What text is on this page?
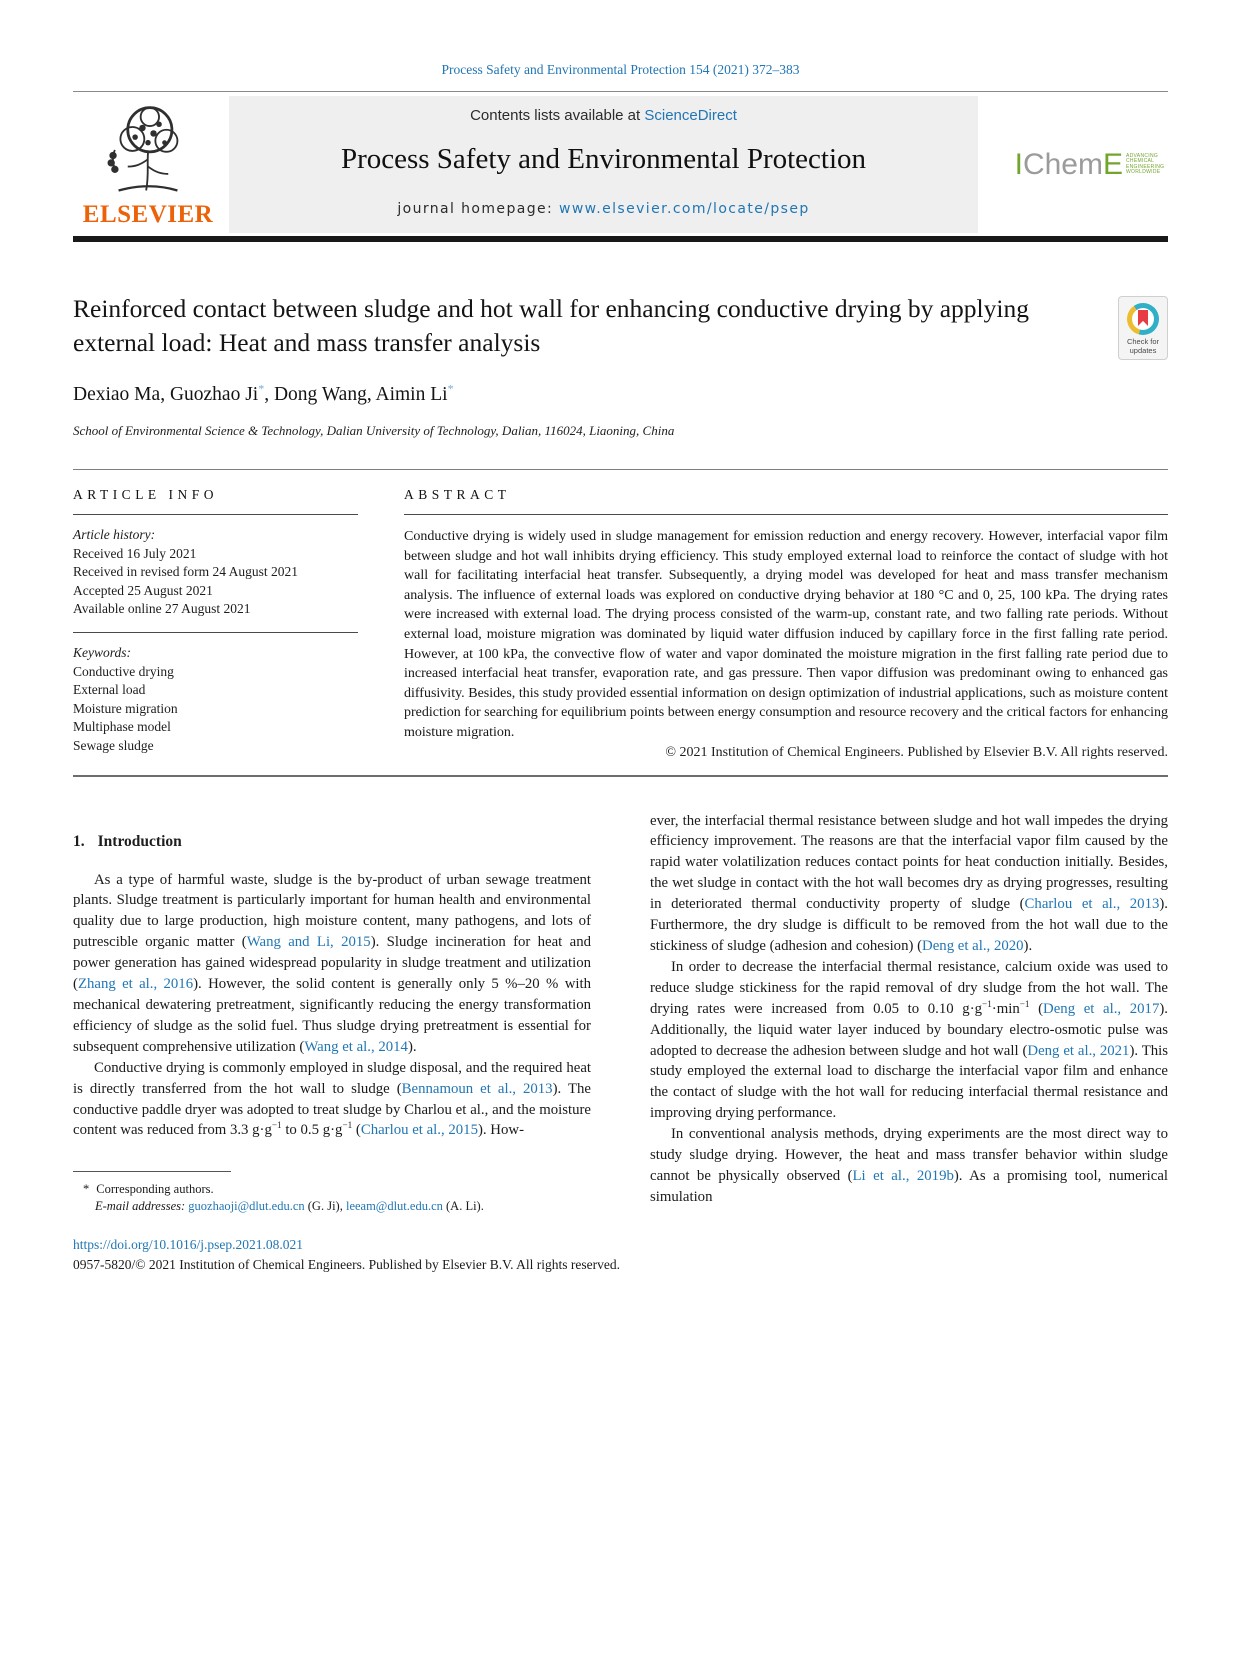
Process Safety and Environmental Protection 154 (2021) 372–383
ELSEVIER
Contents lists available at ScienceDirect
Process Safety and Environmental Protection
journal homepage: www.elsevier.com/locate/psep
IChemE ADVANCING
CHEMICAL
ENGINEERING
WORLDWIDE
Reinforced contact between sludge and hot wall for enhancing conductive drying by applying external load: Heat and mass transfer analysis	Check for
updates
Dexiao Ma, Guozhao Ji*, Dong Wang, Aimin Li*
School of Environmental Science & Technology, Dalian University of Technology, Dalian, 116024, Liaoning, China
ARTICLE INFO
Article history:
Received 16 July 2021
Received in revised form 24 August 2021
Accepted 25 August 2021
Available online 27 August 2021
Keywords:
Conductive drying
External load
Moisture migration
Multiphase model
Sewage sludge
ABSTRACT
Conductive drying is widely used in sludge management for emission reduction and energy recovery. However, interfacial vapor film between sludge and hot wall inhibits drying efficiency. This study employed external load to reinforce the contact of sludge with hot wall for facilitating interfacial heat transfer. Subsequently, a drying model was developed for heat and mass transfer mechanism analysis. The influence of external loads was explored on conductive drying behavior at 180 °C and 0, 25, 100 kPa. The drying rates were increased with external load. The drying process consisted of the warm-up, constant rate, and two falling rate periods. Without external load, moisture migration was dominated by liquid water diffusion induced by capillary force in the first falling rate period. However, at 100 kPa, the convective flow of water and vapor dominated the moisture migration in the first falling rate period due to increased interfacial heat transfer, evaporation rate, and gas pressure. Then vapor diffusion was predominant owing to enhanced gas diffusivity. Besides, this study provided essential information on design optimization of industrial applications, such as moisture content prediction for searching for equilibrium points between energy consumption and resource recovery and the critical factors for enhancing moisture migration.
© 2021 Institution of Chemical Engineers. Published by Elsevier B.V. All rights reserved.
1. Introduction

As a type of harmful waste, sludge is the by-product of urban sewage treatment plants. Sludge treatment is particularly important for human health and environmental quality due to large production, high moisture content, many pathogens, and lots of putrescible organic matter (Wang and Li, 2015). Sludge incineration for heat and power generation has gained widespread popularity in sludge treatment and utilization (Zhang et al., 2016). However, the solid content is generally only 5 %–20 % with mechanical dewatering pretreatment, significantly reducing the energy transformation efficiency of sludge as the solid fuel. Thus sludge drying pretreatment is essential for subsequent comprehensive utilization (Wang et al., 2014).

Conductive drying is commonly employed in sludge disposal, and the required heat is directly transferred from the hot wall to sludge (Bennamoun et al., 2013). The conductive paddle dryer was adopted to treat sludge by Charlou et al., and the moisture content was reduced from 3.3 $g\cdot g^{-1}$ to 0.5 $g\cdot g^{-1}$ (Charlou et al., 2015). How-

* Corresponding authors.
E-mail addresses: guozhaoji@dlut.edu.cn (G. Ji), leeam@dlut.edu.cn (A. Li).

ever, the interfacial thermal resistance between sludge and hot wall impedes the drying efficiency improvement. The reasons are that the interfacial vapor film caused by the rapid water volatilization reduces contact points for heat conduction initially. Besides, the wet sludge in contact with the hot wall becomes dry as drying progresses, resulting in deteriorated thermal conductivity property of sludge (Charlou et al., 2013). Furthermore, the dry sludge is difficult to be removed from the hot wall due to the stickiness of sludge (adhesion and cohesion) (Deng et al., 2020).

In order to decrease the interfacial thermal resistance, calcium oxide was used to reduce sludge stickiness for the rapid removal of dry sludge from the hot wall. The drying rates were increased from 0.05 to 0.10 $g\cdot g^{-1}\cdot\min^{-1}$ (Deng et al., 2017). Additionally, the liquid water layer induced by boundary electro-osmotic pulse was adopted to decrease the adhesion between sludge and hot wall (Deng et al., 2021). This study employed the external load to discharge the interfacial vapor film and enhance the contact of sludge with the hot wall for reducing interfacial thermal resistance and improving drying performance.

In conventional analysis methods, drying experiments are the most direct way to study sludge drying. However, the heat and mass transfer behavior within sludge cannot be physically observed (Li et al., 2019b). As a promising tool, numerical simulation

https://doi.org/10.1016/j.psep.2021.08.021
0957-5820/© 2021 Institution of Chemical Engineers. Published by Elsevier B.V. All rights reserved.
